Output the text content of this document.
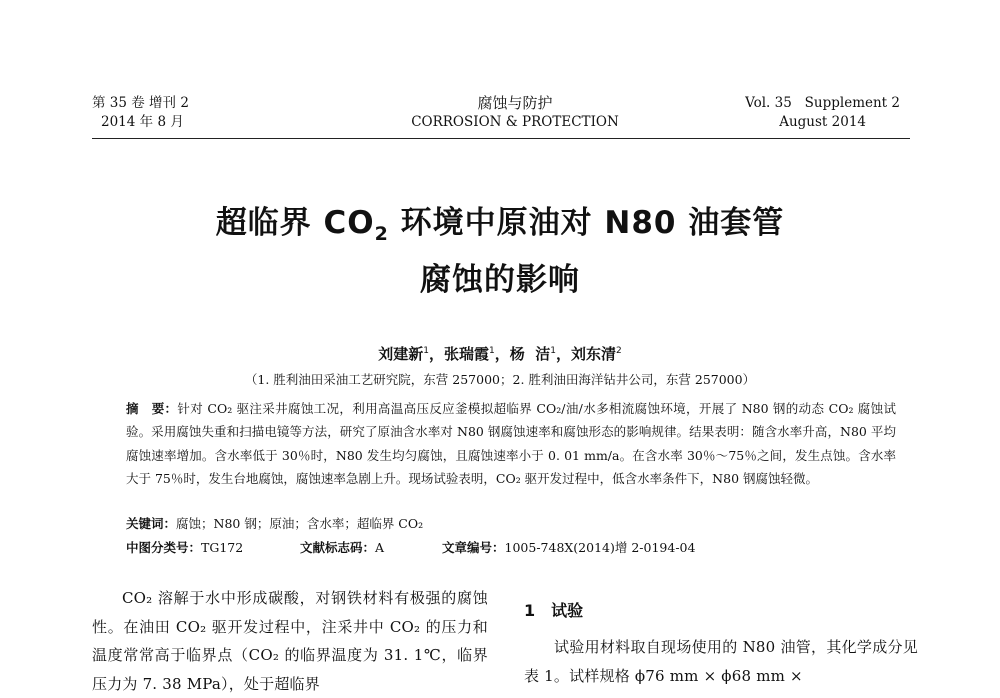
第 35 卷 增刊 2
2014 年 8 月
腐蚀与防护
CORROSION & PROTECTION
Vol. 35   Supplement 2
August 2014
超临界 $CO_2$ 环境中原油对 N80 油套管
腐蚀的影响
刘建新$^1$，张瑞霞$^1$，杨  洁$^1$，刘东清$^2$
（1. 胜利油田采油工艺研究院，东营 257000；2. 胜利油田海洋钻井公司，东营 257000）
摘　要：针对 CO₂ 驱注采井腐蚀工况，利用高温高压反应釜模拟超临界 CO₂/油/水多相流腐蚀环境，开展了 N80 钢的动态 CO₂ 腐蚀试验。采用腐蚀失重和扫描电镜等方法，研究了原油含水率对 N80 钢腐蚀速率和腐蚀形态的影响规律。结果表明：随含水率升高，N80 平均腐蚀速率增加。含水率低于 30％时，N80 发生均匀腐蚀，且腐蚀速率小于 0. 01 mm/a。在含水率 30％～75％之间，发生点蚀。含水率大于 75％时，发生台地腐蚀，腐蚀速率急剧上升。现场试验表明，CO₂ 驱开发过程中，低含水率条件下，N80 钢腐蚀轻微。
关键词：腐蚀；N80 钢；原油；含水率；超临界 CO₂
中图分类号：TG172	文献标志码：A	文章编号：1005-748X(2014)增 2-0194-04

CO₂ 溶解于水中形成碳酸，对钢铁材料有极强的腐蚀性。在油田 CO₂ 驱开发过程中，注采井中 CO₂ 的压力和温度常常高于临界点（CO₂ 的临界温度为 31. 1℃，临界压力为 7. 38 MPa），处于超临界

1　试验

试验用材料取自现场使用的 N80 油管，其化学成分见表 1。试样规格 ϕ76 mm × ϕ68 mm ×
